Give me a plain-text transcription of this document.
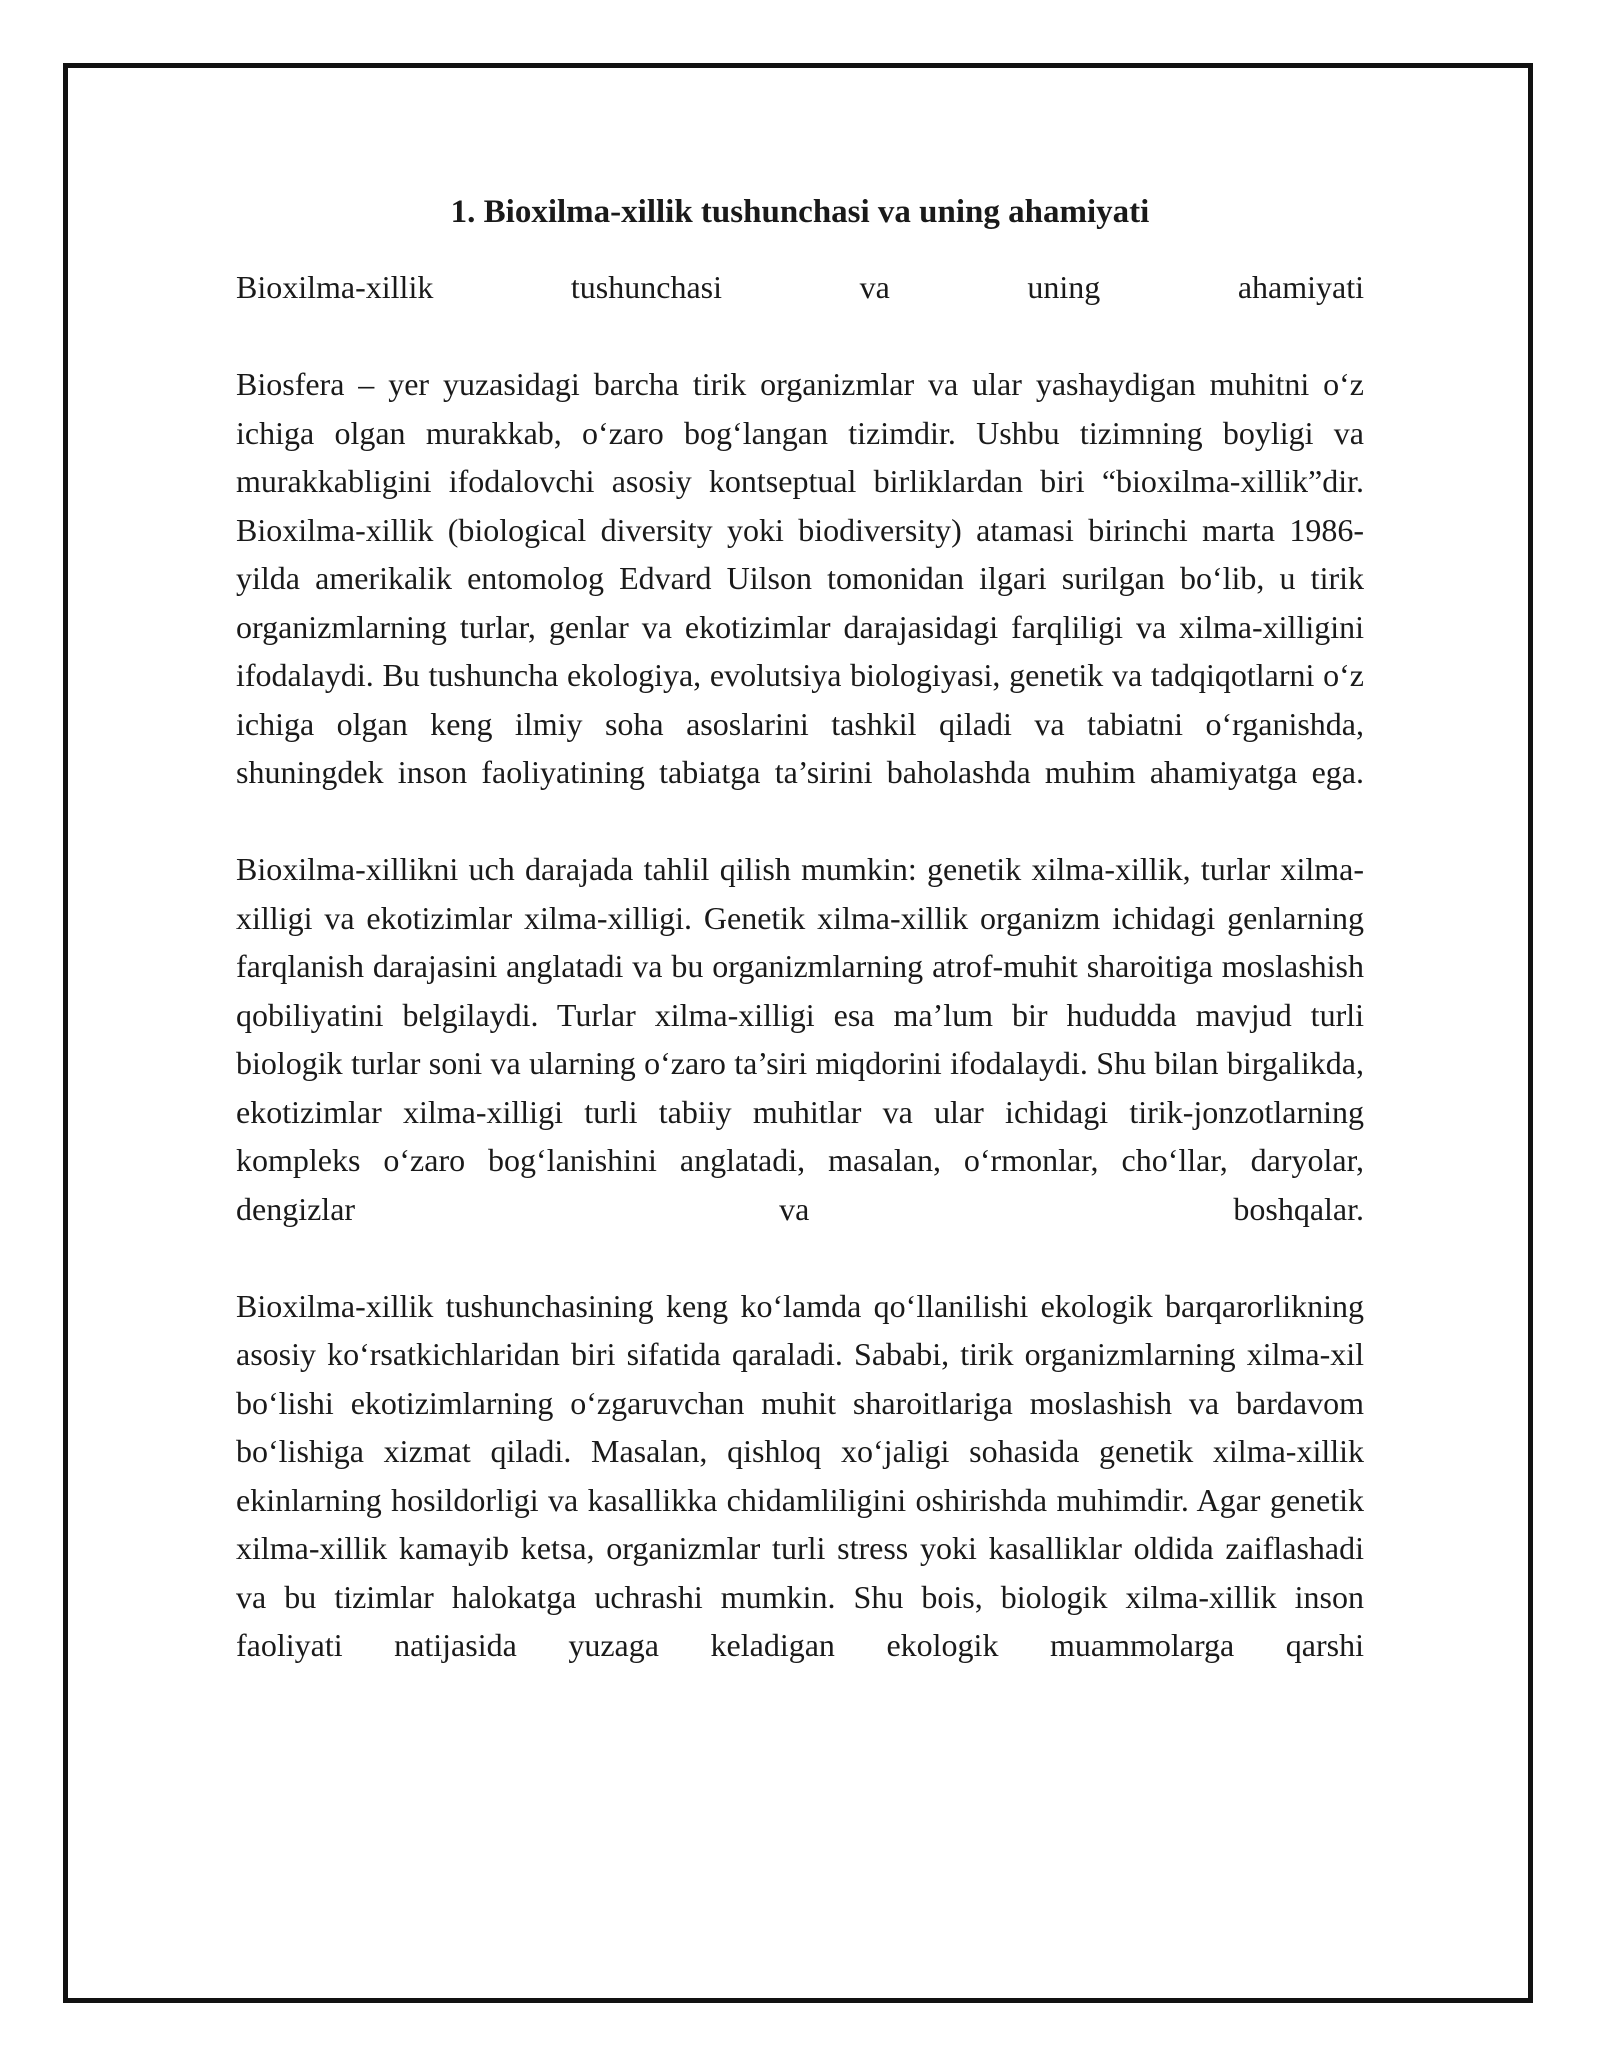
1. Bioxilma-xillik tushunchasi va uning ahamiyati

Bioxilma-xillik tushunchasi va uning ahamiyati

Biosfera – yer yuzasidagi barcha tirik organizmlar va ular yashaydigan muhitni o‘z ichiga olgan murakkab, o‘zaro bog‘langan tizimdir. Ushbu tizimning boyligi va murakkabligini ifodalovchi asosiy kontseptual birliklardan biri “bioxilma-xillik”dir. Bioxilma-xillik (biological diversity yoki biodiversity) atamasi birinchi marta 1986-yilda amerikalik entomolog Edvard Uilson tomonidan ilgari surilgan bo‘lib, u tirik organizmlarning turlar, genlar va ekotizimlar darajasidagi farqliligi va xilma-xilligini ifodalaydi. Bu tushuncha ekologiya, evolutsiya biologiyasi, genetik va tadqiqotlarni o‘z ichiga olgan keng ilmiy soha asoslarini tashkil qiladi va tabiatni o‘rganishda, shuningdek inson faoliyatining tabiatga ta’sirini baholashda muhim ahamiyatga ega.

Bioxilma-xillikni uch darajada tahlil qilish mumkin: genetik xilma-xillik, turlar xilma-xilligi va ekotizimlar xilma-xilligi. Genetik xilma-xillik organizm ichidagi genlarning farqlanish darajasini anglatadi va bu organizmlarning atrof-muhit sharoitiga moslashish qobiliyatini belgilaydi. Turlar xilma-xilligi esa ma’lum bir hududda mavjud turli biologik turlar soni va ularning o‘zaro ta’siri miqdorini ifodalaydi. Shu bilan birgalikda, ekotizimlar xilma-xilligi turli tabiiy muhitlar va ular ichidagi tirik-jonzotlarning kompleks o‘zaro bog‘lanishini anglatadi, masalan, o‘rmonlar, cho‘llar, daryolar, dengizlar va boshqalar.

Bioxilma-xillik tushunchasining keng ko‘lamda qo‘llanilishi ekologik barqarorlikning asosiy ko‘rsatkichlaridan biri sifatida qaraladi. Sababi, tirik organizmlarning xilma-xil bo‘lishi ekotizimlarning o‘zgaruvchan muhit sharoitlariga moslashish va bardavom bo‘lishiga xizmat qiladi. Masalan, qishloq xo‘jaligi sohasida genetik xilma-xillik ekinlarning hosildorligi va kasallikka chidamliligini oshirishda muhimdir. Agar genetik xilma-xillik kamayib ketsa, organizmlar turli stress yoki kasalliklar oldida zaiflashadi va bu tizimlar halokatga uchrashi mumkin. Shu bois, biologik xilma-xillik inson faoliyati natijasida yuzaga keladigan ekologik muammolarga qarshi
